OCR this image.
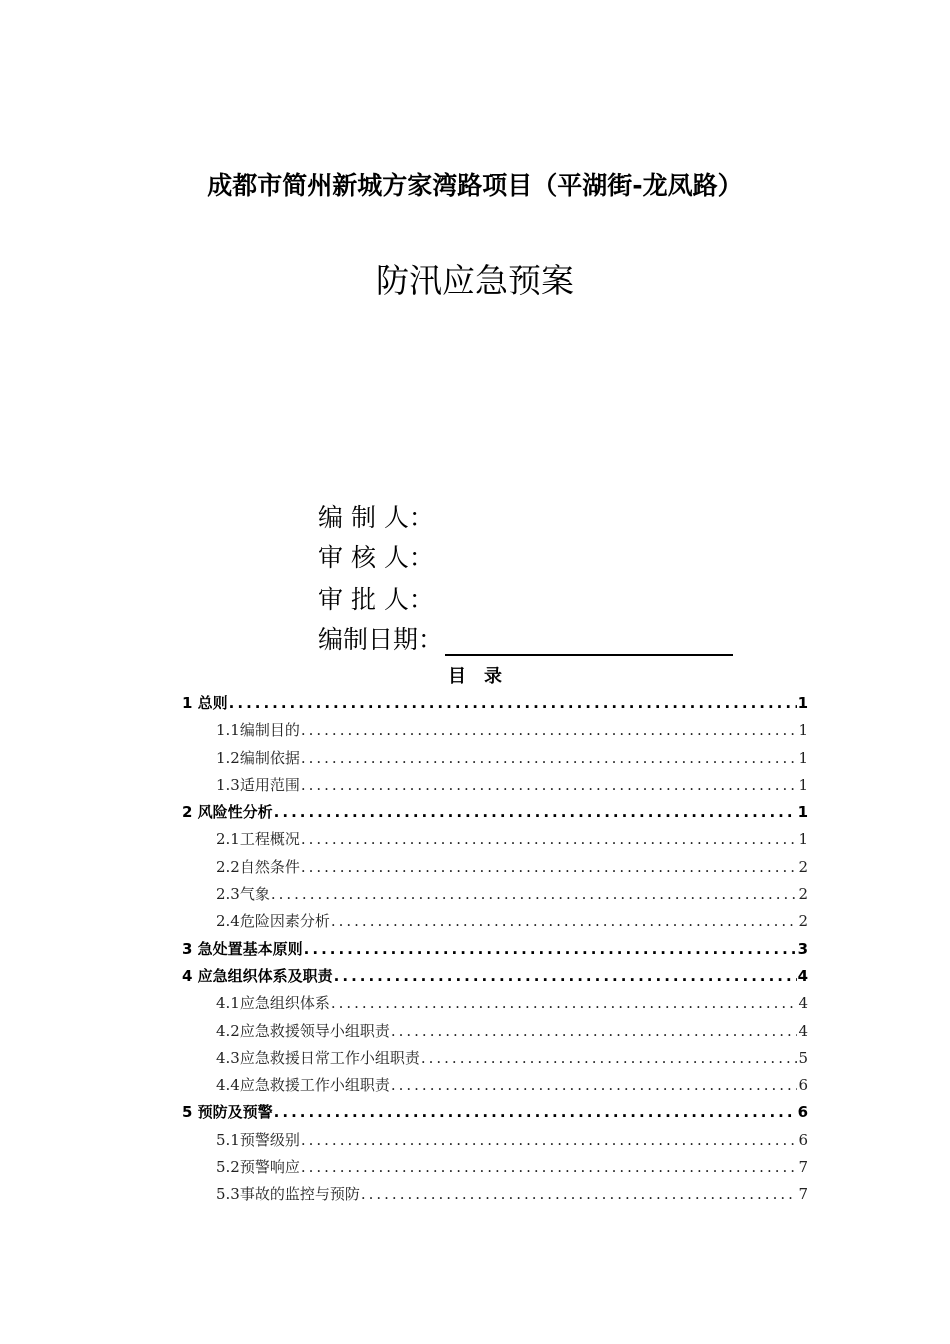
成都市简州新城方家湾路项目（平湖街-龙凤路）
防汛应急预案
编 制 人：
审 核 人：
审 批 人：
编制日期：
目　录
1 总则 .....	1
1.1编制目的 .....	1
1.2编制依据 .....	1
1.3适用范围 .....	1
2 风险性分析 .....	1
2.1工程概况 .....	1
2.2自然条件 .....	2
2.3气象 .....	2
2.4危险因素分析 .....	2
3 急处置基本原则 .....	3
4 应急组织体系及职责 .....	4
4.1应急组织体系 .....	4
4.2应急救援领导小组职责 .....	4
4.3应急救援日常工作小组职责 .....	5
4.4应急救援工作小组职责 .....	6
5 预防及预警 .....	6
5.1预警级别 .....	6
5.2预警响应 .....	7
5.3事故的监控与预防 .....	7
